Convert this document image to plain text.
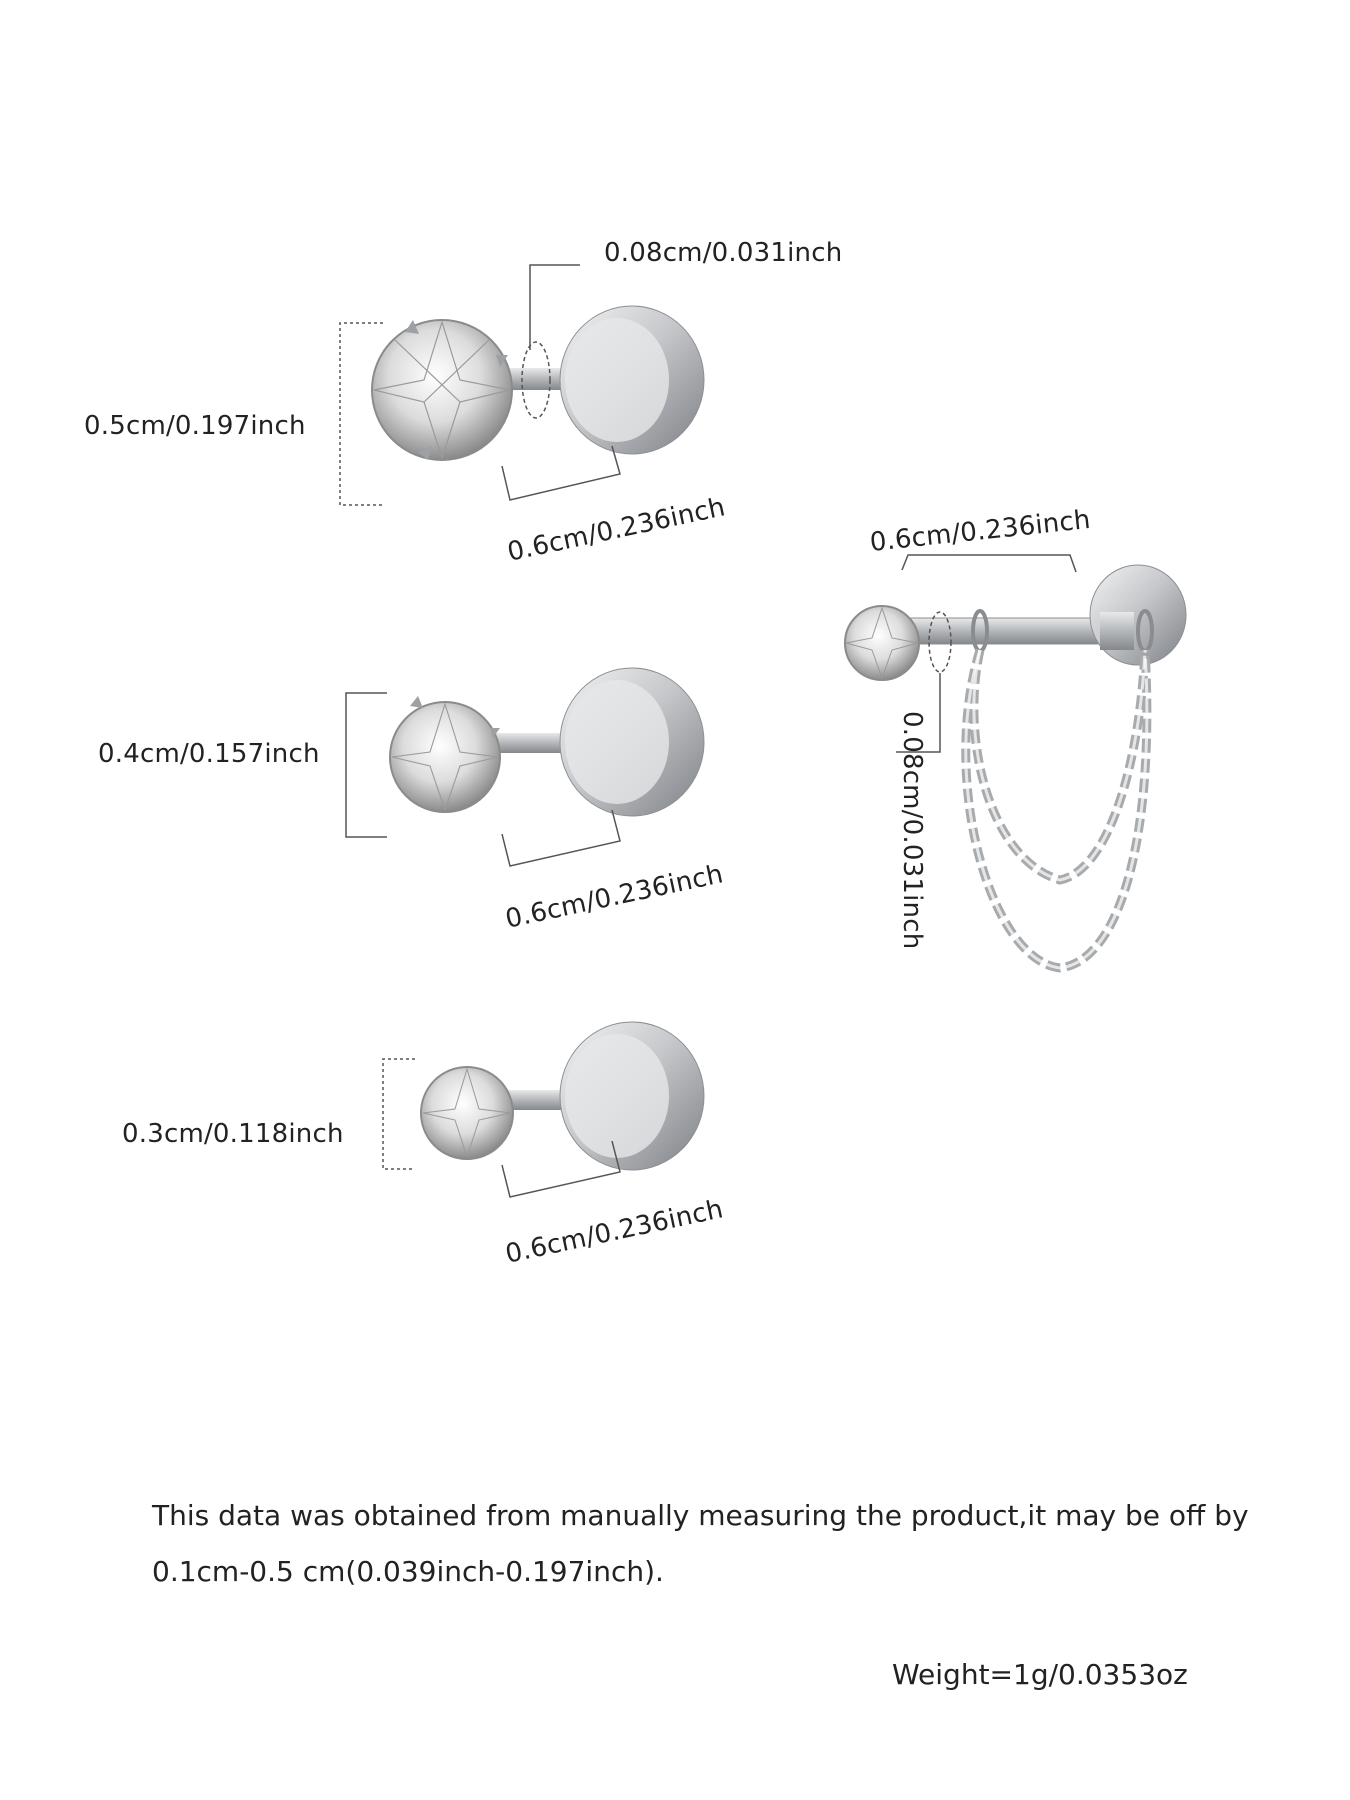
0.08cm/0.031inch
0.5cm/0.197inch
0.6cm/0.236inch
0.4cm/0.157inch
0.6cm/0.236inch
0.3cm/0.118inch
0.6cm/0.236inch
0.6cm/0.236inch
0.08cm/0.031inch
This data was obtained from manually measuring the product,it may be off by 0.1cm-0.5 cm(0.039inch-0.197inch).
Weight=1g/0.0353oz
